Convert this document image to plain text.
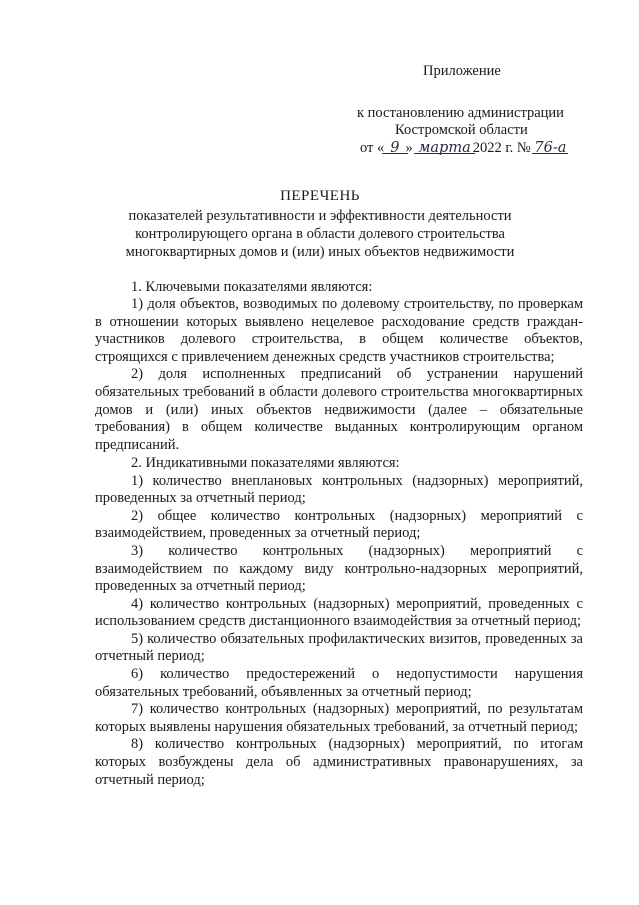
Приложение
к постановлению администрации
Костромской области
от « 9 » марта 2022 г. № 76-а
ПЕРЕЧЕНЬ
показателей результативности и эффективности деятельности контролирующего органа в области долевого строительства многоквартирных домов и (или) иных объектов недвижимости

1. Ключевыми показателями являются:

1) доля объектов, возводимых по долевому строительству, по проверкам в отношении которых выявлено нецелевое расходование средств граждан-участников долевого строительства, в общем количестве объектов, строящихся с привлечением денежных средств участников строительства;

2) доля исполненных предписаний об устранении нарушений обязательных требований в области долевого строительства многоквартирных домов и (или) иных объектов недвижимости (далее – обязательные требования) в общем количестве выданных контролирующим органом предписаний.

2. Индикативными показателями являются:

1) количество внеплановых контрольных (надзорных) мероприятий, проведенных за отчетный период;

2) общее количество контрольных (надзорных) мероприятий с взаимодействием, проведенных за отчетный период;

3) количество контрольных (надзорных) мероприятий с взаимодействием по каждому виду контрольно-надзорных мероприятий, проведенных за отчетный период;

4) количество контрольных (надзорных) мероприятий, проведенных с использованием средств дистанционного взаимодействия за отчетный период;

5) количество обязательных профилактических визитов, проведенных за отчетный период;

6) количество предостережений о недопустимости нарушения обязательных требований, объявленных за отчетный период;

7) количество контрольных (надзорных) мероприятий, по результатам которых выявлены нарушения обязательных требований, за отчетный период;

8) количество контрольных (надзорных) мероприятий, по итогам которых возбуждены дела об административных правонарушениях, за отчетный период;
